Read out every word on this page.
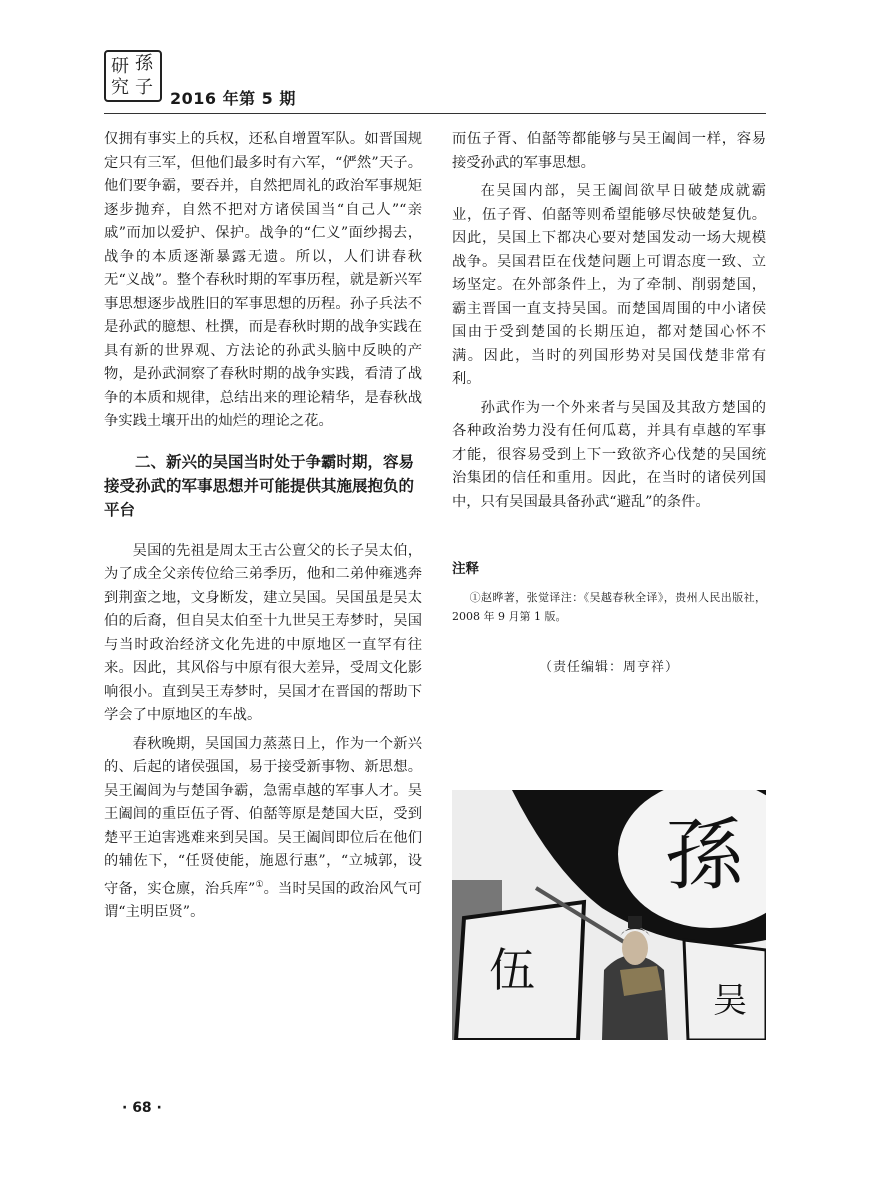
研 孫
究 子
2016 年第 5 期

仅拥有事实上的兵权，还私自增置军队。如晋国规定只有三军，但他们最多时有六军，“俨然”天子。他们要争霸，要吞并，自然把周礼的政治军事规矩逐步抛弃，自然不把对方诸侯国当“自己人”“亲戚”而加以爱护、保护。战争的“仁义”面纱揭去，战争的本质逐渐暴露无遗。所以，人们讲春秋无“义战”。整个春秋时期的军事历程，就是新兴军事思想逐步战胜旧的军事思想的历程。孙子兵法不是孙武的臆想、杜撰，而是春秋时期的战争实践在具有新的世界观、方法论的孙武头脑中反映的产物，是孙武洞察了春秋时期的战争实践，看清了战争的本质和规律，总结出来的理论精华，是春秋战争实践土壤开出的灿烂的理论之花。

二、新兴的吴国当时处于争霸时期，容易接受孙武的军事思想并可能提供其施展抱负的平台

吴国的先祖是周太王古公亶父的长子吴太伯，为了成全父亲传位给三弟季历，他和二弟仲雍逃奔到荆蛮之地，文身断发，建立吴国。吴国虽是吴太伯的后裔，但自吴太伯至十九世吴王寿梦时，吴国与当时政治经济文化先进的中原地区一直罕有往来。因此，其风俗与中原有很大差异，受周文化影响很小。直到吴王寿梦时，吴国才在晋国的帮助下学会了中原地区的车战。

春秋晚期，吴国国力蒸蒸日上，作为一个新兴的、后起的诸侯强国，易于接受新事物、新思想。吴王阖闾为与楚国争霸，急需卓越的军事人才。吴王阖闾的重臣伍子胥、伯嚭等原是楚国大臣，受到楚平王迫害逃难来到吴国。吴王阖闾即位后在他们的辅佐下，“任贤使能，施恩行惠”，“立城郭，设守备，实仓廪，治兵库”①。当时吴国的政治风气可谓“主明臣贤”。

而伍子胥、伯嚭等都能够与吴王阖闾一样，容易接受孙武的军事思想。

在吴国内部，吴王阖闾欲早日破楚成就霸业，伍子胥、伯嚭等则希望能够尽快破楚复仇。因此，吴国上下都决心要对楚国发动一场大规模战争。吴国君臣在伐楚问题上可谓态度一致、立场坚定。在外部条件上，为了牵制、削弱楚国，霸主晋国一直支持吴国。而楚国周围的中小诸侯国由于受到楚国的长期压迫，都对楚国心怀不满。因此，当时的列国形势对吴国伐楚非常有利。

孙武作为一个外来者与吴国及其敌方楚国的各种政治势力没有任何瓜葛，并具有卓越的军事才能，很容易受到上下一致欲齐心伐楚的吴国统治集团的信任和重用。因此，在当时的诸侯列国中，只有吴国最具备孙武“避乱”的条件。

注释

①赵晔著，张觉译注：《吴越春秋全译》，贵州人民出版社，2008 年 9 月第 1 版。

（责任编辑：周亨祥）
孫
伍
吴
· 68 ·
